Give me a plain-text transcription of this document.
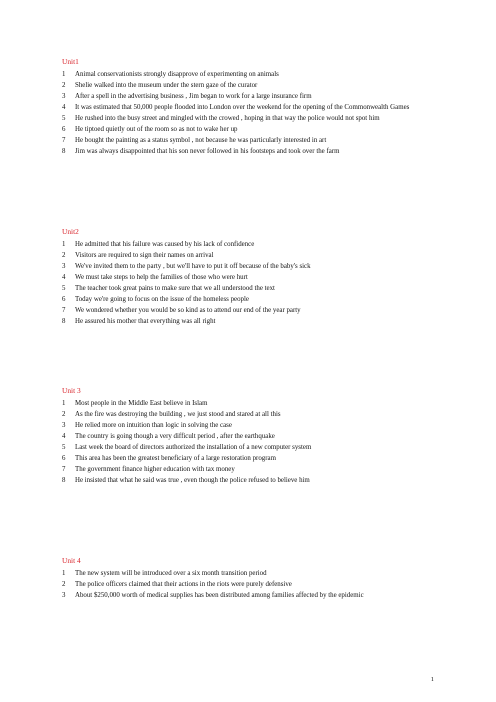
Unit1

1 Animal conservationists strongly disapprove of experimenting on animals

2 Shelie walked into the museum under the stern gaze of the curator

3 After a spell in the advertising business , Jim began to work for a large insurance firm

4 It was estimated that 50,000 people flooded into London over the weekend for the opening of the Commonwealth Games

5 He rushed into the busy street and mingled with the crowed , hoping in that way the police would not spot him

6 He tiptoed quietly out of the room so as not to wake her up

7 He bought the painting as a status symbol , not because he was particularly interested in art

8 Jim was always disappointed that his son never followed in his footsteps and took over the farm

Unit2

1 He admitted that his failure was caused by his lack of confidence

2 Visitors are required to sign their names on arrival

3 We've invited them to the party , but we'll have to put it off because of the baby's sick

4 We must take steps to help the families of those who were hurt

5 The teacher took great pains to make sure that we all understood the text

6 Today we're going to focus on the issue of the homeless people

7 We wondered whether you would be so kind as to attend our end of the year party

8 He assured his mother that everything was all right

Unit 3

1 Most people in the Middle East believe in Islam

2 As the fire was destroying the building , we just stood and stared at all this

3 He relied more on intuition than logic in solving the case

4 The country is going though a very difficult period , after the earthquake

5 Last week the board of directors authorized the installation of a new computer system

6 This area has been the greatest beneficiary of a large restoration program

7 The government finance higher education with tax money

8 He insisted that what he said was true , even though the police refused to believe him

Unit 4

1 The new system will be introduced over a six month transition period

2 The police officers claimed that their actions in the riots were purely defensive

3 About $250,000 worth of medical supplies has been distributed among families affected by the epidemic

1
